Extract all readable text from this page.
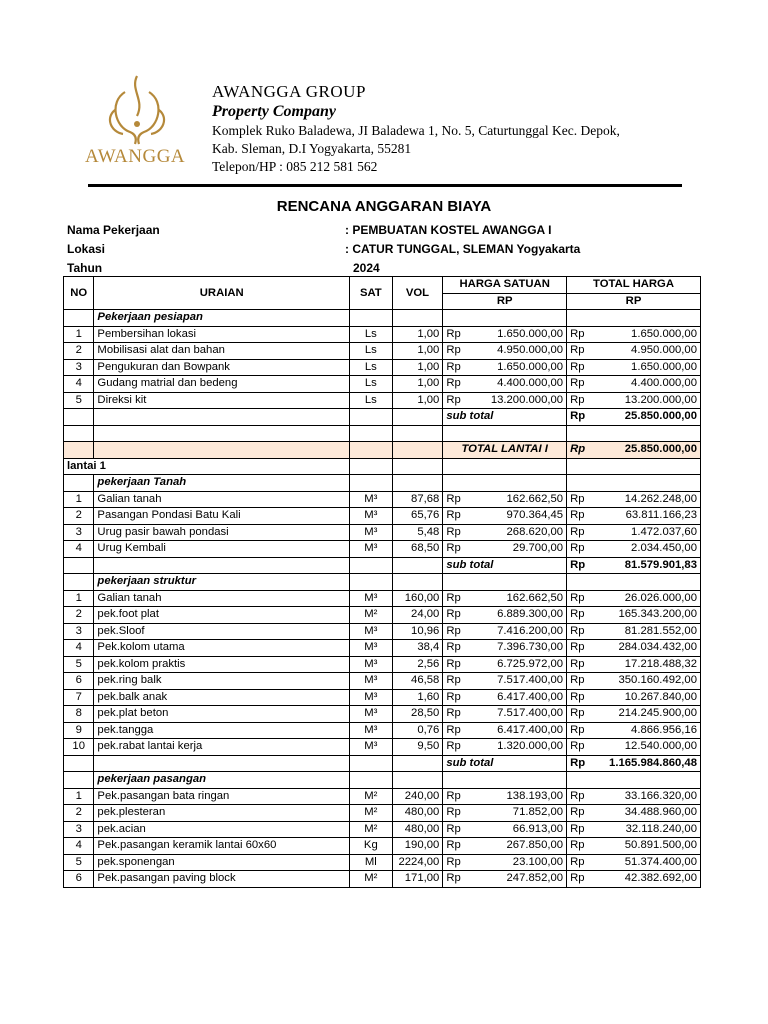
AWANGGA
AWANGGA GROUP
Property Company
Komplek Ruko Baladewa, JI Baladewa 1, No. 5, Caturtunggal Kec. Depok,
Kab. Sleman, D.I Yogyakarta, 55281
Telepon/HP : 085 212 581 562
RENCANA ANGGARAN BIAYA
Nama Pekerjaan	: PEMBUATAN KOSTEL AWANGGA I
Lokasi	: CATUR TUNGGAL, SLEMAN Yogyakarta
Tahun	2024
NO	URAIAN	SAT	VOL	HARGA SATUAN		TOTAL HARGA	
				RP		RP	
	Pekerjaan pesiapan						
1	Pembersihan lokasi	Ls	1,00	Rp	1.650.000,00	Rp	1.650.000,00
2	Mobilisasi alat dan bahan	Ls	1,00	Rp	4.950.000,00	Rp	4.950.000,00
3	Pengukuran dan Bowpank	Ls	1,00	Rp	1.650.000,00	Rp	1.650.000,00
4	Gudang matrial dan bedeng	Ls	1,00	Rp	4.400.000,00	Rp	4.400.000,00
5	Direksi kit	Ls	1,00	Rp	13.200.000,00	Rp	13.200.000,00
				sub total		Rp	25.850.000,00

				TOTAL LANTAI I		Rp	25.850.000,00
lantai 1							
	pekerjaan Tanah						
1	Galian tanah	M³	87,68	Rp	162.662,50	Rp	14.262.248,00
2	Pasangan Pondasi Batu Kali	M³	65,76	Rp	970.364,45	Rp	63.811.166,23
3	Urug pasir bawah pondasi	M³	5,48	Rp	268.620,00	Rp	1.472.037,60
4	Urug Kembali	M³	68,50	Rp	29.700,00	Rp	2.034.450,00
				sub total		Rp	81.579.901,83
	pekerjaan struktur						
1	Galian tanah	M³	160,00	Rp	162.662,50	Rp	26.026.000,00
2	pek.foot plat	M²	24,00	Rp	6.889.300,00	Rp	165.343.200,00
3	pek.Sloof	M³	10,96	Rp	7.416.200,00	Rp	81.281.552,00
4	Pek.kolom utama	M³	38,4	Rp	7.396.730,00	Rp	284.034.432,00
5	pek.kolom praktis	M³	2,56	Rp	6.725.972,00	Rp	17.218.488,32
6	pek.ring balk	M³	46,58	Rp	7.517.400,00	Rp	350.160.492,00
7	pek.balk anak	M³	1,60	Rp	6.417.400,00	Rp	10.267.840,00
8	pek.plat beton	M³	28,50	Rp	7.517.400,00	Rp	214.245.900,00
9	pek.tangga	M³	0,76	Rp	6.417.400,00	Rp	4.866.956,16
10	pek.rabat lantai kerja	M³	9,50	Rp	1.320.000,00	Rp	12.540.000,00
				sub total		Rp	1.165.984.860,48
	pekerjaan pasangan						
1	Pek.pasangan bata ringan	M²	240,00	Rp	138.193,00	Rp	33.166.320,00
2	pek.plesteran	M²	480,00	Rp	71.852,00	Rp	34.488.960,00
3	pek.acian	M²	480,00	Rp	66.913,00	Rp	32.118.240,00
4	Pek.pasangan keramik lantai 60x60	Kg	190,00	Rp	267.850,00	Rp	50.891.500,00
5	pek.sponengan	Ml	2224,00	Rp	23.100,00	Rp	51.374.400,00
6	Pek.pasangan paving block	M²	171,00	Rp	247.852,00	Rp	42.382.692,00
